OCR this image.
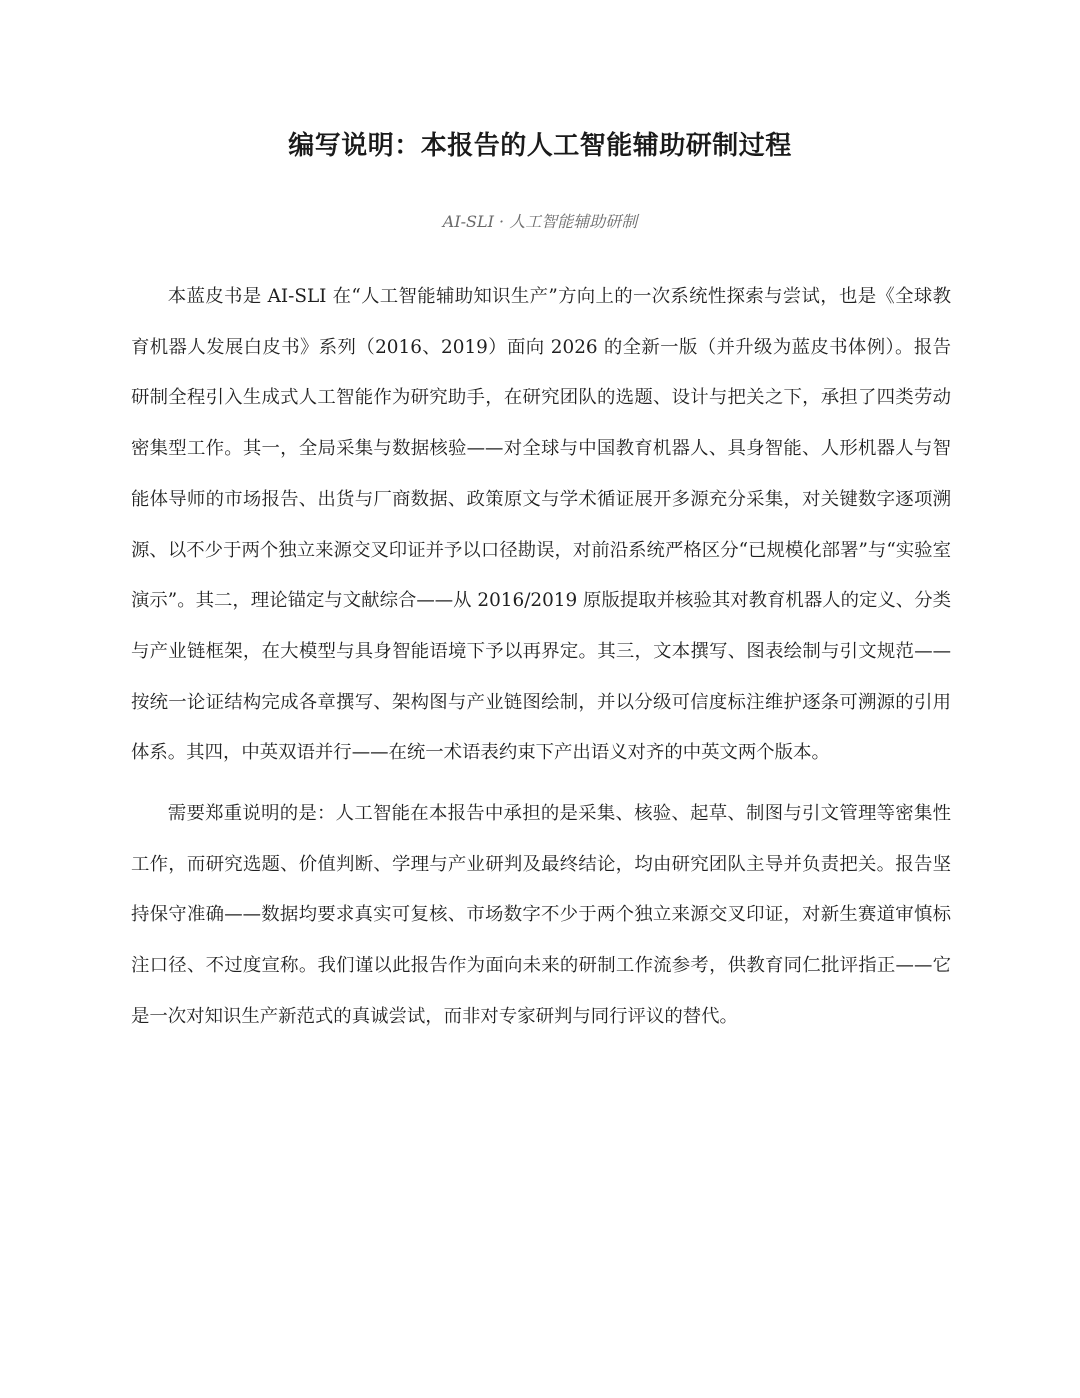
编写说明：本报告的人工智能辅助研制过程

AI-SLI · 人工智能辅助研制

本蓝皮书是 AI-SLI 在“人工智能辅助知识生产”方向上的一次系统性探索与尝试，也是《全球教育机器人发展白皮书》系列（2016、2019）面向 2026 的全新一版（并升级为蓝皮书体例）。报告研制全程引入生成式人工智能作为研究助手，在研究团队的选题、设计与把关之下，承担了四类劳动密集型工作。其一，全局采集与数据核验——对全球与中国教育机器人、具身智能、人形机器人与智能体导师的市场报告、出货与厂商数据、政策原文与学术循证展开多源充分采集，对关键数字逐项溯源、以不少于两个独立来源交叉印证并予以口径勘误，对前沿系统严格区分“已规模化部署”与“实验室演示”。其二，理论锚定与文献综合——从 2016/2019 原版提取并核验其对教育机器人的定义、分类与产业链框架，在大模型与具身智能语境下予以再界定。其三，文本撰写、图表绘制与引文规范——按统一论证结构完成各章撰写、架构图与产业链图绘制，并以分级可信度标注维护逐条可溯源的引用体系。其四，中英双语并行——在统一术语表约束下产出语义对齐的中英文两个版本。

需要郑重说明的是：人工智能在本报告中承担的是采集、核验、起草、制图与引文管理等密集性工作，而研究选题、价值判断、学理与产业研判及最终结论，均由研究团队主导并负责把关。报告坚持保守准确——数据均要求真实可复核、市场数字不少于两个独立来源交叉印证，对新生赛道审慎标注口径、不过度宣称。我们谨以此报告作为面向未来的研制工作流参考，供教育同仁批评指正——它是一次对知识生产新范式的真诚尝试，而非对专家研判与同行评议的替代。
